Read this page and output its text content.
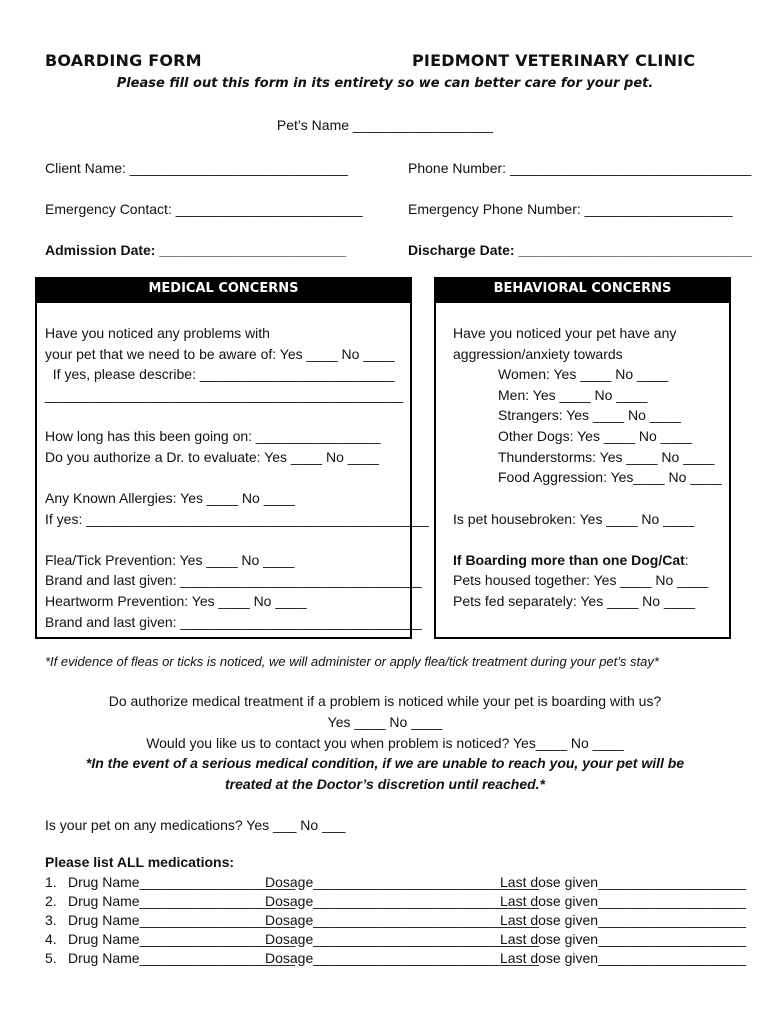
BOARDING FORM	PIEDMONT VETERINARY CLINIC
Please fill out this form in its entirety so we can better care for your pet.
Pet’s Name __________________
Client Name: ____________________________	Phone Number: _______________________________
Emergency Contact: ________________________	Emergency Phone Number: ___________________
Admission Date: ________________________	Discharge Date: ______________________________
MEDICAL CONCERNS
Have you noticed any problems with
your pet that we need to be aware of: Yes ____ No ____
If yes, please describe: _________________________
______________________________________________
How long has this been going on: ________________
Do you authorize a Dr. to evaluate: Yes ____ No ____
Any Known Allergies: Yes ____ No ____
If yes: ____________________________________________
Flea/Tick Prevention: Yes ____ No ____
Brand and last given: _______________________________
Heartworm Prevention: Yes ____ No ____
Brand and last given: _______________________________
BEHAVIORAL CONCERNS
Have you noticed your pet have any
aggression/anxiety towards
Women: Yes ____ No ____
Men: Yes ____ No ____
Strangers: Yes ____ No ____
Other Dogs: Yes ____ No ____
Thunderstorms: Yes ____ No ____
Food Aggression: Yes____ No ____
Is pet housebroken: Yes ____ No ____
If Boarding more than one Dog/Cat:
Pets housed together: Yes ____ No ____
Pets fed separately: Yes ____ No ____
*If evidence of fleas or ticks is noticed, we will administer or apply flea/tick treatment during your pet’s stay*
Do authorize medical treatment if a problem is noticed while your pet is boarding with us?
Yes ____ No ____
Would you like us to contact you when problem is noticed? Yes____ No ____
*In the event of a serious medical condition, if we are unable to reach you, your pet will be
treated at the Doctor’s discretion until reached.*
Is your pet on any medications? Yes ___ No ___
Please list ALL medications:
1. Drug Name____________________
Dosage_____________________________
Last dose given___________________
2. Drug Name____________________
Dosage_____________________________
Last dose given___________________
3. Drug Name____________________
Dosage_____________________________
Last dose given___________________
4. Drug Name____________________
Dosage_____________________________
Last dose given___________________
5. Drug Name____________________
Dosage_____________________________
Last dose given___________________
